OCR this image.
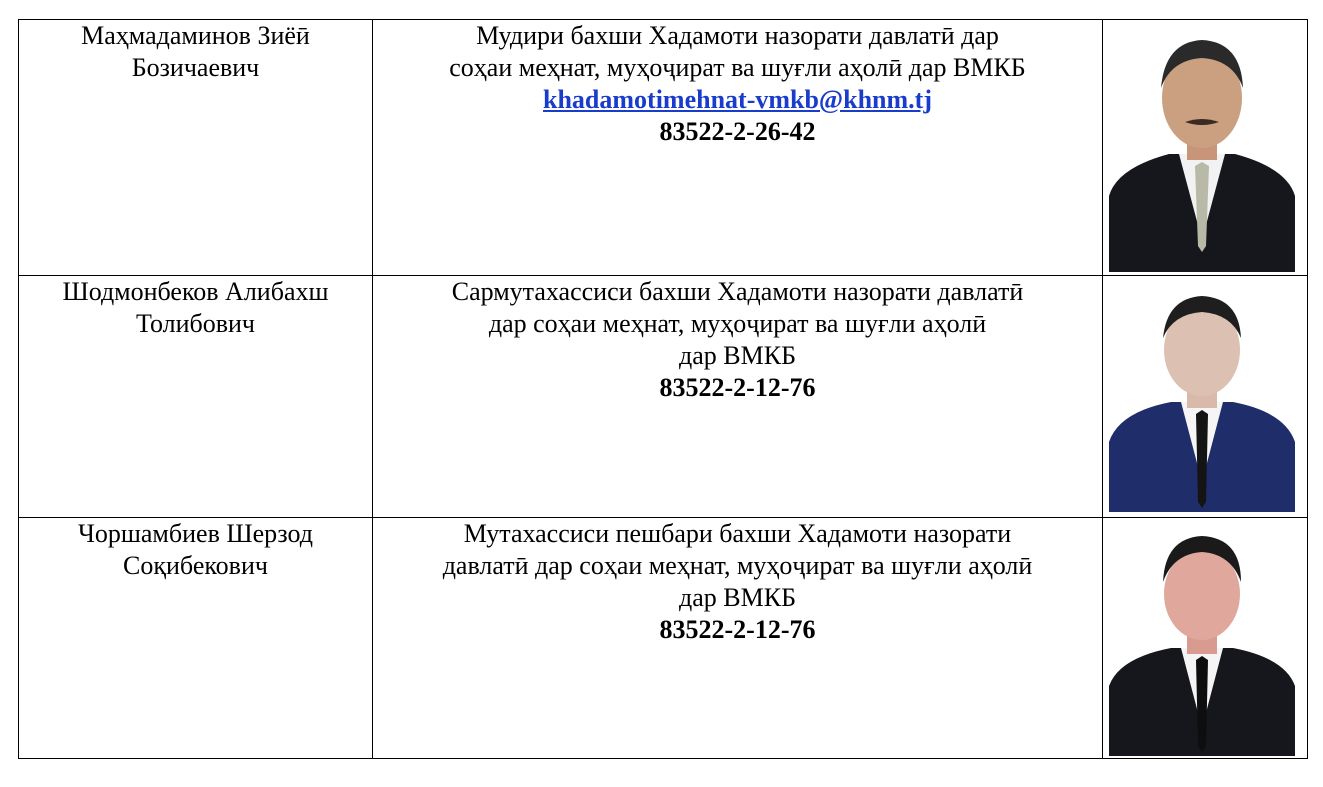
Маҳмадаминов Зиёӣ
Бозичаевич	Мудири бахши Хадамоти назорати давлатӣ дар
соҳаи меҳнат, муҳоҷират ва шуғли аҳолӣ дар ВМКБ
khadamotimehnat-vmkb@khnm.tj
83522-2-26-42

Шодмонбеков Алибахш
Толибович	Сармутахассиси бахши Хадамоти назорати давлатӣ
дар соҳаи меҳнат, муҳоҷират ва шуғли аҳолӣ
дар ВМКБ
83522-2-12-76

Чоршамбиев Шерзод
Соқибекович	Мутахассиси пешбари бахши Хадамоти назорати
давлатӣ дар соҳаи меҳнат, муҳоҷират ва шуғли аҳолӣ
дар ВМКБ
83522-2-12-76
